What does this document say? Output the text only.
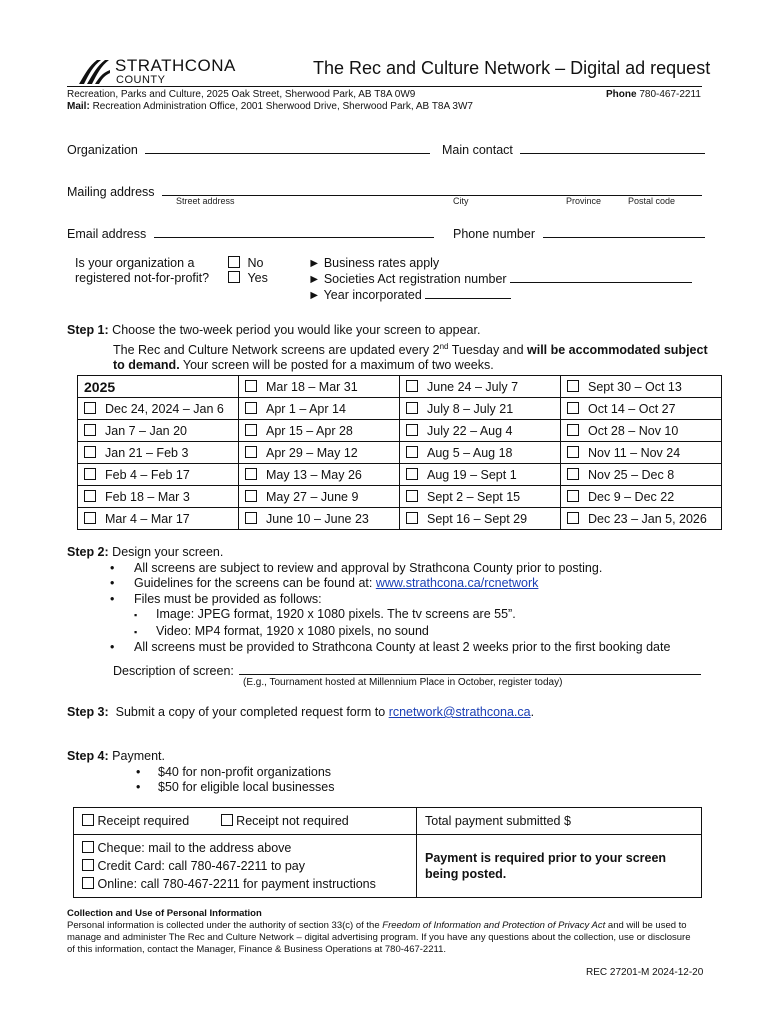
STRATHCONA
COUNTY
The Rec and Culture Network – Digital ad request
Recreation, Parks and Culture, 2025 Oak Street, Sherwood Park, AB T8A 0W9
Mail: Recreation Administration Office, 2001 Sherwood Drive, Sherwood Park, AB T8A 3W7
Phone 780-467-2211
Organization	Main contact
Mailing address
Street address	City	Province	Postal code
Email address	Phone number
Is your organization a
registered not-for-profit?
No
Yes
► Business rates apply
► Societies Act registration number
► Year incorporated
Step 1: Choose the two-week period you would like your screen to appear.
The Rec and Culture Network screens are updated every 2nd Tuesday and will be accommodated subject
to demand. Your screen will be posted for a maximum of two weeks.
2025	Mar 18 – Mar 31	June 24 – July 7	Sept 30 – Oct 13
Dec 24, 2024 – Jan 6	Apr 1 – Apr 14	July 8 – July 21	Oct 14 – Oct 27
Jan 7 – Jan 20	Apr 15 – Apr 28	July 22 – Aug 4	Oct 28 – Nov 10
Jan 21 – Feb 3	Apr 29 – May 12	Aug 5 – Aug 18	Nov 11 – Nov 24
Feb 4 – Feb 17	May 13 – May 26	Aug 19 – Sept 1	Nov 25 – Dec 8
Feb 18 – Mar 3	May 27 – June 9	Sept 2 – Sept 15	Dec 9 – Dec 22
Mar 4 – Mar 17	June 10 – June 23	Sept 16 – Sept 29	Dec 23 – Jan 5, 2026
Step 2: Design your screen.
• All screens are subject to review and approval by Strathcona County prior to posting.
• Guidelines for the screens can be found at: www.strathcona.ca/rcnetwork
• Files must be provided as follows:
▪ Image: JPEG format, 1920 x 1080 pixels. The tv screens are 55”.
▪ Video: MP4 format, 1920 x 1080 pixels, no sound
• All screens must be provided to Strathcona County at least 2 weeks prior to the first booking date
Description of screen:
(E.g., Tournament hosted at Millennium Place in October, register today)
Step 3: Submit a copy of your completed request form to rcnetwork@strathcona.ca.
Step 4: Payment.
• $40 for non-profit organizations
• $50 for eligible local businesses
Receipt required Receipt not required	Total payment submitted $

Cheque: mail to the address above
Credit Card: call 780-467-2211 to pay
Online: call 780-467-2211 for payment instructions	Payment is required prior to your screen being posted.
Collection and Use of Personal Information
Personal information is collected under the authority of section 33(c) of the Freedom of Information and Protection of Privacy Act and will be used to manage and administer The Rec and Culture Network – digital advertising program. If you have any questions about the collection, use or disclosure of this information, contact the Manager, Finance & Business Operations at 780-467-2211.
REC 27201-M 2024-12-20
